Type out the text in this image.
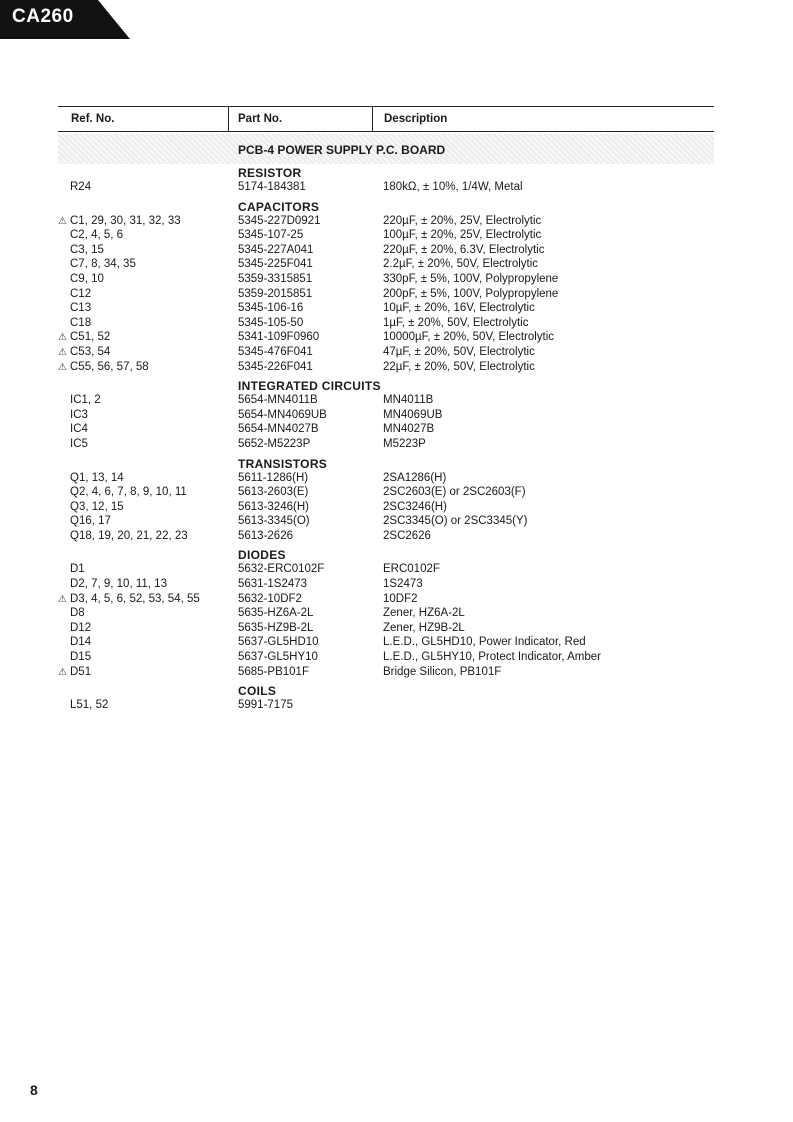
CA260
Ref. No.	Part No.	Description
PCB-4 POWER SUPPLY P.C. BOARD
RESISTOR
R24	5174-184381	180kΩ, ± 10%, 1/4W, Metal
CAPACITORS
⚠ C1, 29, 30, 31, 32, 33	5345-227D0921	220µF, ± 20%, 25V, Electrolytic
C2, 4, 5, 6	5345-107-25	100µF, ± 20%, 25V, Electrolytic
C3, 15	5345-227A041	220µF, ± 20%, 6.3V, Electrolytic
C7, 8, 34, 35	5345-225F041	2.2µF, ± 20%, 50V, Electrolytic
C9, 10	5359-3315851	330pF, ± 5%, 100V, Polypropylene
C12	5359-2015851	200pF, ± 5%, 100V, Polypropylene
C13	5345-106-16	10µF, ± 20%, 16V, Electrolytic
C18	5345-105-50	1µF, ± 20%, 50V, Electrolytic
⚠ C51, 52	5341-109F0960	10000µF, ± 20%, 50V, Electrolytic
⚠ C53, 54	5345-476F041	47µF, ± 20%, 50V, Electrolytic
⚠ C55, 56, 57, 58	5345-226F041	22µF, ± 20%, 50V, Electrolytic
INTEGRATED CIRCUITS
IC1, 2	5654-MN4011B	MN4011B
IC3	5654-MN4069UB	MN4069UB
IC4	5654-MN4027B	MN4027B
IC5	5652-M5223P	M5223P
TRANSISTORS
Q1, 13, 14	5611-1286(H)	2SA1286(H)
Q2, 4, 6, 7, 8, 9, 10, 11	5613-2603(E)	2SC2603(E) or 2SC2603(F)
Q3, 12, 15	5613-3246(H)	2SC3246(H)
Q16, 17	5613-3345(O)	2SC3345(O) or 2SC3345(Y)
Q18, 19, 20, 21, 22, 23	5613-2626	2SC2626
DIODES
D1	5632-ERC0102F	ERC0102F
D2, 7, 9, 10, 11, 13	5631-1S2473	1S2473
⚠ D3, 4, 5, 6, 52, 53, 54, 55	5632-10DF2	10DF2
D8	5635-HZ6A-2L	Zener, HZ6A-2L
D12	5635-HZ9B-2L	Zener, HZ9B-2L
D14	5637-GL5HD10	L.E.D., GL5HD10, Power Indicator, Red
D15	5637-GL5HY10	L.E.D., GL5HY10, Protect Indicator, Amber
⚠ D51	5685-PB101F	Bridge Silicon, PB101F
COILS
L51, 52	5991-7175
8
